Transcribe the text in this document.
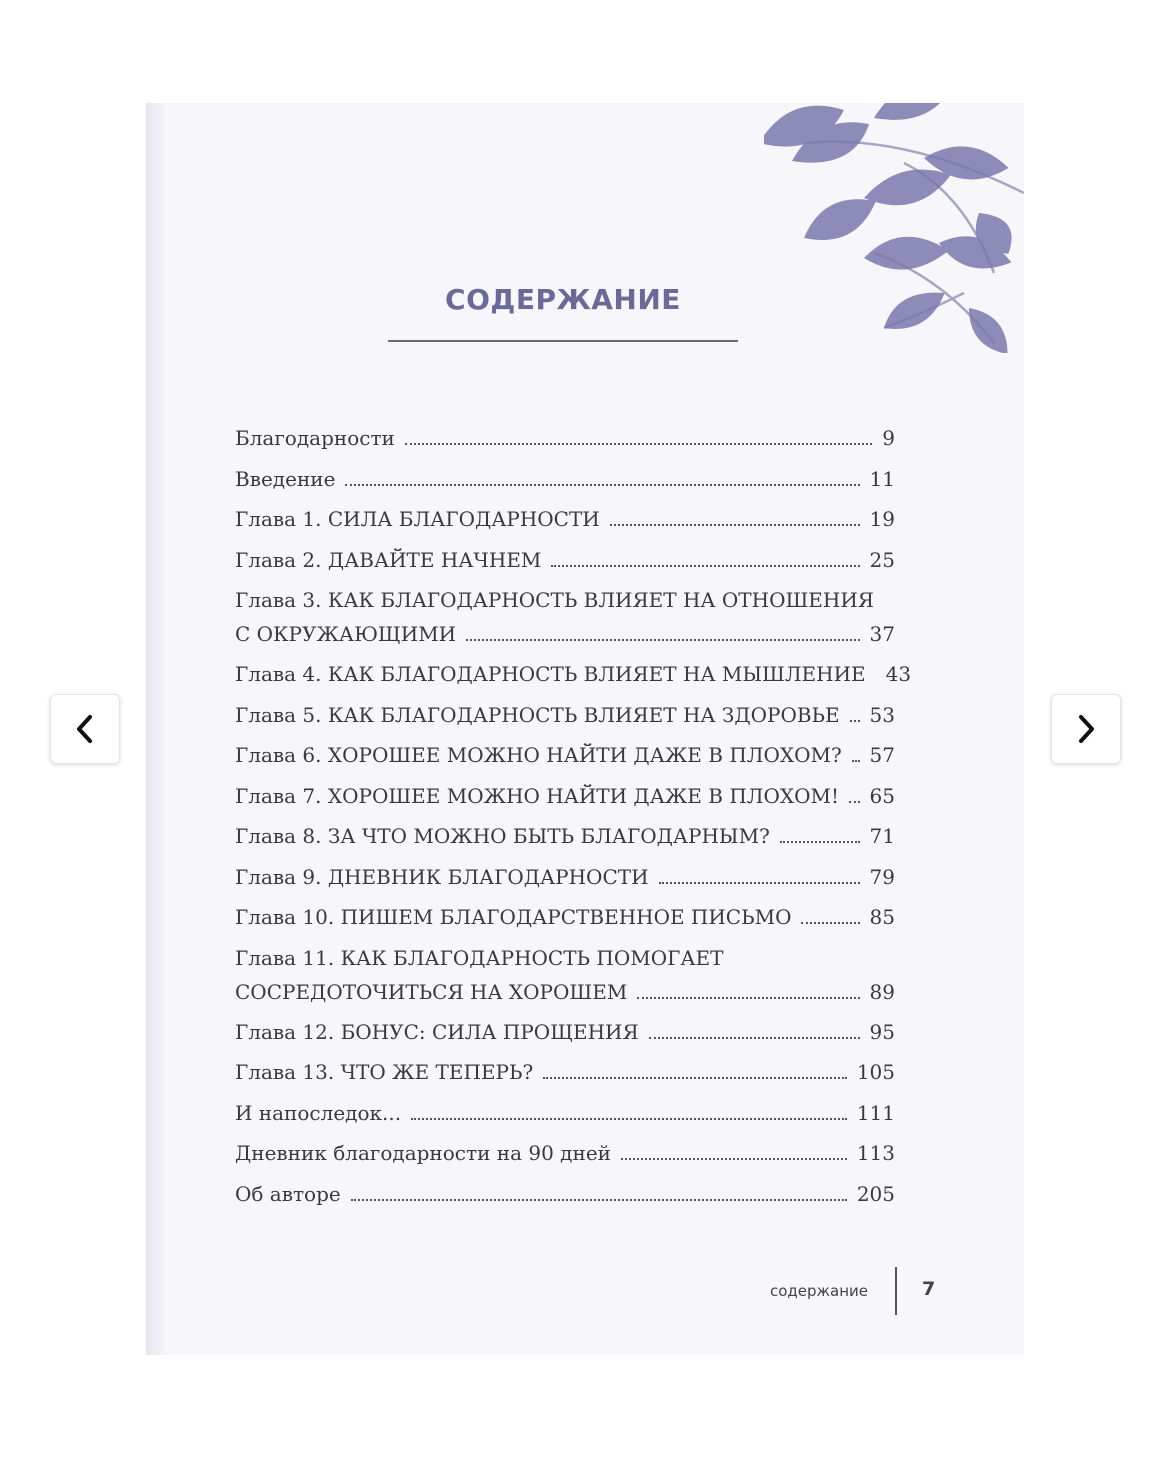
СОДЕРЖАНИЕ
Благодарности	9
Введение	11
Глава 1. СИЛА БЛАГОДАРНОСТИ	19
Глава 2. ДАВАЙТЕ НАЧНЕМ	25
Глава 3. КАК БЛАГОДАРНОСТЬ ВЛИЯЕТ НА ОТНОШЕНИЯ
С ОКРУЖАЮЩИМИ	37
Глава 4. КАК БЛАГОДАРНОСТЬ ВЛИЯЕТ НА МЫШЛЕНИЕ	43
Глава 5. КАК БЛАГОДАРНОСТЬ ВЛИЯЕТ НА ЗДОРОВЬЕ	53
Глава 6. ХОРОШЕЕ МОЖНО НАЙТИ ДАЖЕ В ПЛОХОМ?	57
Глава 7. ХОРОШЕЕ МОЖНО НАЙТИ ДАЖЕ В ПЛОХОМ!	65
Глава 8. ЗА ЧТО МОЖНО БЫТЬ БЛАГОДАРНЫМ?	71
Глава 9. ДНЕВНИК БЛАГОДАРНОСТИ	79
Глава 10. ПИШЕМ БЛАГОДАРСТВЕННОЕ ПИСЬМО	85
Глава 11. КАК БЛАГОДАРНОСТЬ ПОМОГАЕТ
СОСРЕДОТОЧИТЬСЯ НА ХОРОШЕМ	89
Глава 12. БОНУС: СИЛА ПРОЩЕНИЯ	95
Глава 13. ЧТО ЖЕ ТЕПЕРЬ?	105
И напоследок...	111
Дневник благодарности на 90 дней	113
Об авторе	205
содержание	7
